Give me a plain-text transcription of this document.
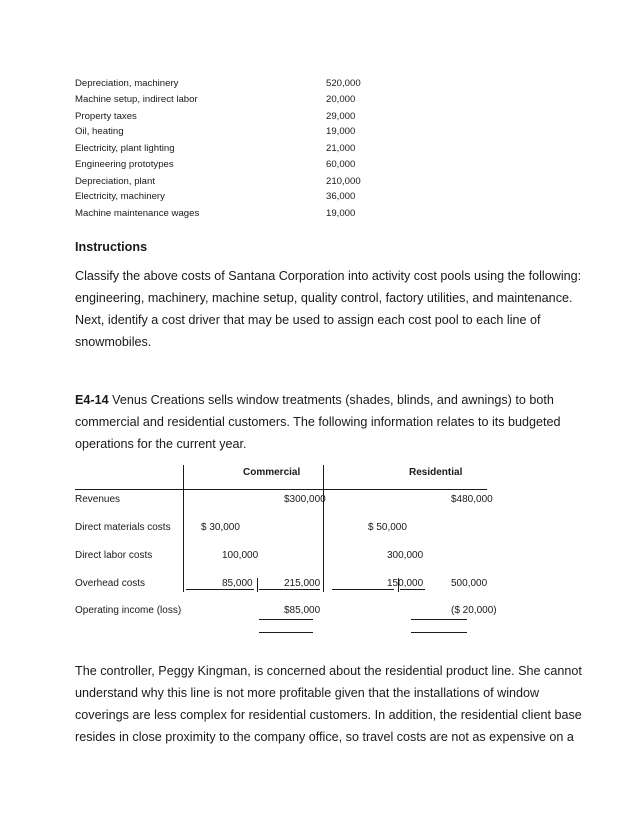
Depreciation, machinery	520,000
Machine setup, indirect labor	20,000
Property taxes	29,000
Oil, heating	19,000
Electricity, plant lighting	21,000
Engineering prototypes	60,000
Depreciation, plant	210,000
Electricity, machinery	36,000
Machine maintenance wages	19,000
Instructions
Classify the above costs of Santana Corporation into activity cost pools using the following:
engineering, machinery, machine setup, quality control, factory utilities, and maintenance.
Next, identify a cost driver that may be used to assign each cost pool to each line of
snowmobiles.
E4-14 Venus Creations sells window treatments (shades, blinds, and awnings) to both
commercial and residential customers. The following information relates to its budgeted
operations for the current year.
Commercial	Residential
Revenues	$300,000	$480,000
Direct materials costs	$ 30,000	$ 50,000
Direct labor costs	100,000	300,000
Overhead costs	85,000	215,000	150,000	500,000
Operating income (loss)	$85,000	($ 20,000)
The controller, Peggy Kingman, is concerned about the residential product line. She cannot
understand why this line is not more profitable given that the installations of window
coverings are less complex for residential customers. In addition, the residential client base
resides in close proximity to the company office, so travel costs are not as expensive on a
